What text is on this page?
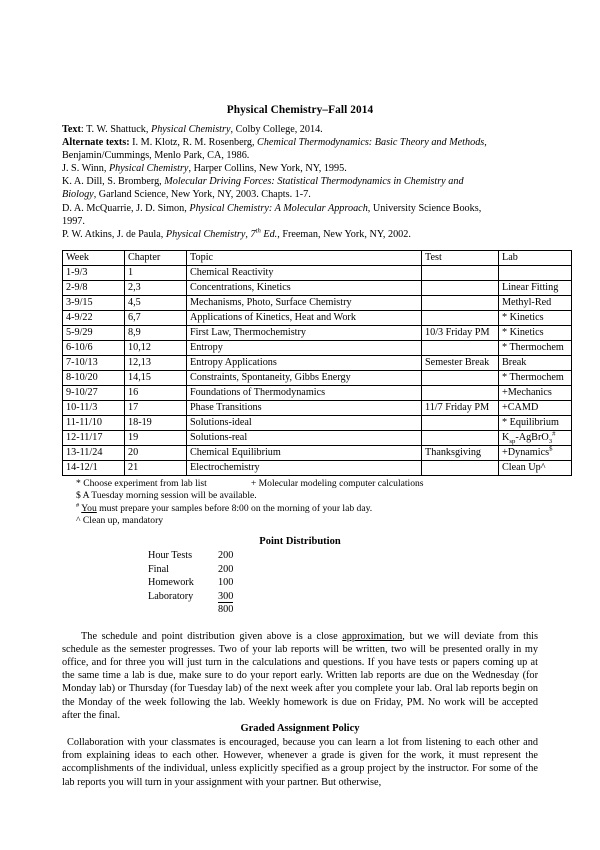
Physical Chemistry–Fall 2014
Text: T. W. Shattuck, Physical Chemistry, Colby College, 2014.
Alternate texts: I. M. Klotz, R. M. Rosenberg, Chemical Thermodynamics: Basic Theory and Methods,
Benjamin/Cummings, Menlo Park, CA, 1986.
J. S. Winn, Physical Chemistry, Harper Collins, New York, NY, 1995.
K. A. Dill, S. Bromberg, Molecular Driving Forces: Statistical Thermodynamics in Chemistry and
Biology, Garland Science, New York, NY, 2003. Chapts. 1-7.
D. A. McQuarrie, J. D. Simon, Physical Chemistry: A Molecular Approach, University Science Books,
1997.
P. W. Atkins, J. de Paula, Physical Chemistry, 7th Ed., Freeman, New York, NY, 2002.
Week	Chapter	Topic	Test	Lab
1-9/3	1	Chemical Reactivity		
2-9/8	2,3	Concentrations, Kinetics		Linear Fitting
3-9/15	4,5	Mechanisms, Photo, Surface Chemistry		Methyl-Red
4-9/22	6,7	Applications of Kinetics, Heat and Work		* Kinetics
5-9/29	8,9	First Law, Thermochemistry	10/3 Friday PM	* Kinetics
6-10/6	10,12	Entropy		* Thermochem
7-10/13	12,13	Entropy Applications	Semester Break	Break
8-10/20	14,15	Constraints, Spontaneity, Gibbs Energy		* Thermochem
9-10/27	16	Foundations of Thermodynamics		+Mechanics
10-11/3	17	Phase Transitions	11/7 Friday PM	+CAMD
11-11/10	18-19	Solutions-ideal		* Equilibrium
12-11/17	19	Solutions-real		$K_{sp}-AgBrO_3^{\#}$
13-11/24	20	Chemical Equilibrium	Thanksgiving	+Dynamics$
14-12/1	21	Electrochemistry		Clean Up^
* Choose experiment from lab list	+ Molecular modeling computer calculations
$ A Tuesday morning session will be available.
# You must prepare your samples before 8:00 on the morning of your lab day.
^ Clean up, mandatory
Point Distribution
Hour Tests	200
Final	200
Homework	100
Laboratory	300
	800

The schedule and point distribution given above is a close approximation, but we will deviate from this schedule as the semester progresses. Two of your lab reports will be written, two will be presented orally in my office, and for three you will just turn in the calculations and questions. If you have tests or papers coming up at the same time a lab is due, make sure to do your report early. Written lab reports are due on the Wednesday (for Monday lab) or Thursday (for Tuesday lab) of the next week after you complete your lab. Oral lab reports begin on the Monday of the week following the lab. Weekly homework is due on Friday, PM. No work will be accepted after the final.

Graded Assignment Policy

Collaboration with your classmates is encouraged, because you can learn a lot from listening to each other and from explaining ideas to each other. However, whenever a grade is given for the work, it must represent the accomplishments of the individual, unless explicitly specified as a group project by the instructor. For some of the lab reports you will turn in your assignment with your partner. But otherwise,
